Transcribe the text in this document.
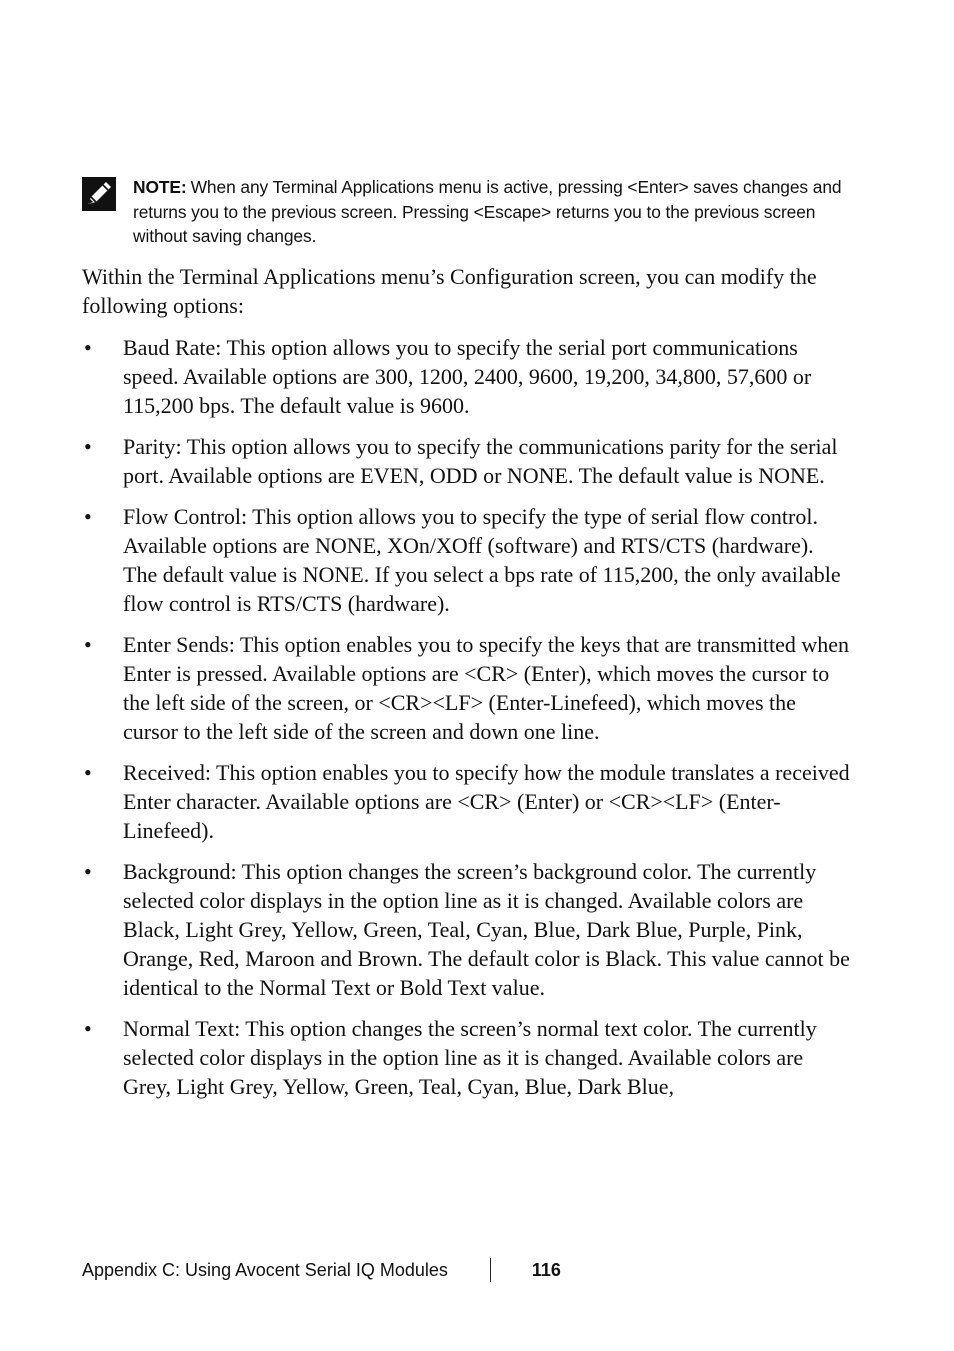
NOTE: When any Terminal Applications menu is active, pressing <Enter> saves changes and returns you to the previous screen. Pressing <Escape> returns you to the previous screen without saving changes.

Within the Terminal Applications menu’s Configuration screen, you can modify the following options:

• Baud Rate: This option allows you to specify the serial port communications speed. Available options are 300, 1200, 2400, 9600, 19,200, 34,800, 57,600 or 115,200 bps. The default value is 9600.
• Parity: This option allows you to specify the communications parity for the serial port. Available options are EVEN, ODD or NONE. The default value is NONE.
• Flow Control: This option allows you to specify the type of serial flow control. Available options are NONE, XOn/XOff (software) and RTS/CTS (hardware). The default value is NONE. If you select a bps rate of 115,200, the only available flow control is RTS/CTS (hardware).
• Enter Sends: This option enables you to specify the keys that are transmitted when Enter is pressed. Available options are <CR> (Enter), which moves the cursor to the left side of the screen, or <CR><LF> (Enter-Linefeed), which moves the cursor to the left side of the screen and down one line.
• Received: This option enables you to specify how the module translates a received Enter character. Available options are <CR> (Enter) or <CR><LF> (Enter-Linefeed).
• Background: This option changes the screen’s background color. The currently selected color displays in the option line as it is changed. Available colors are Black, Light Grey, Yellow, Green, Teal, Cyan, Blue, Dark Blue, Purple, Pink, Orange, Red, Maroon and Brown. The default color is Black. This value cannot be identical to the Normal Text or Bold Text value.
• Normal Text: This option changes the screen’s normal text color. The currently selected color displays in the option line as it is changed. Available colors are Grey, Light Grey, Yellow, Green, Teal, Cyan, Blue, Dark Blue,
Appendix C: Using Avocent Serial IQ Modules	116
